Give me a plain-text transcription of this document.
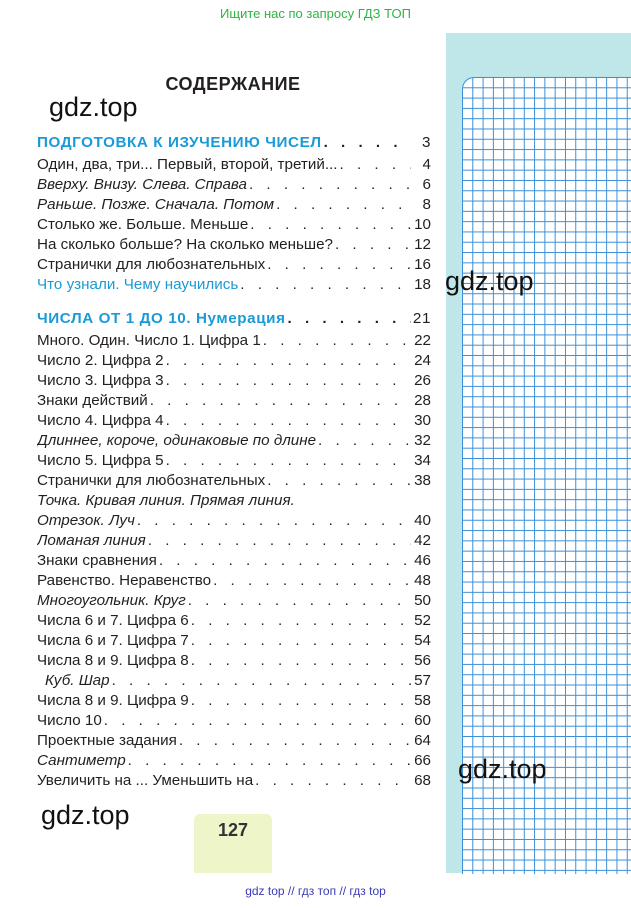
Ищите нас по запросу ГДЗ ТОП
СОДЕРЖАНИЕ
ПОДГОТОВКА К ИЗУЧЕНИЮ ЧИСЕЛ . . .	3
Один, два, три... Первый, второй, третий... . . .	4
Вверху. Внизу. Слева. Справа . . .	6
Раньше. Позже. Сначала. Потом . . .	8
Столько же. Больше. Меньше . . .	10
На сколько больше? На сколько меньше? . . .	12
Странички для любознательных . . .	16
Что узнали. Чему научились . . .	18
ЧИСЛА ОТ 1 ДО 10. Нумерация . . .	21
Много. Один. Число 1. Цифра 1 . . .	22
Число 2. Цифра 2 . . .	24
Число 3. Цифра 3 . . .	26
Знаки действий . . .	28
Число 4. Цифра 4 . . .	30
Длиннее, короче, одинаковые по длине . . .	32
Число 5. Цифра 5 . . .	34
Странички для любознательных . . .	38
Точка. Кривая линия. Прямая линия.
Отрезок. Луч . . .	40
Ломаная линия . . .	42
Знаки сравнения . . .	46
Равенство. Неравенство . . .	48
Многоугольник. Круг . . .	50
Числа 6 и 7. Цифра 6 . . .	52
Числа 6 и 7. Цифра 7 . . .	54
Числа 8 и 9. Цифра 8 . . .	56
Куб. Шар . . .	57
Числа 8 и 9. Цифра 9 . . .	58
Число 10 . . .	60
Проектные задания . . .	64
Сантиметр . . .	66
Увеличить на ... Уменьшить на . . .	68
gdz.top
gdz.top
gdz.top
gdz.top	127
gdz top // гдз топ // гдз top
